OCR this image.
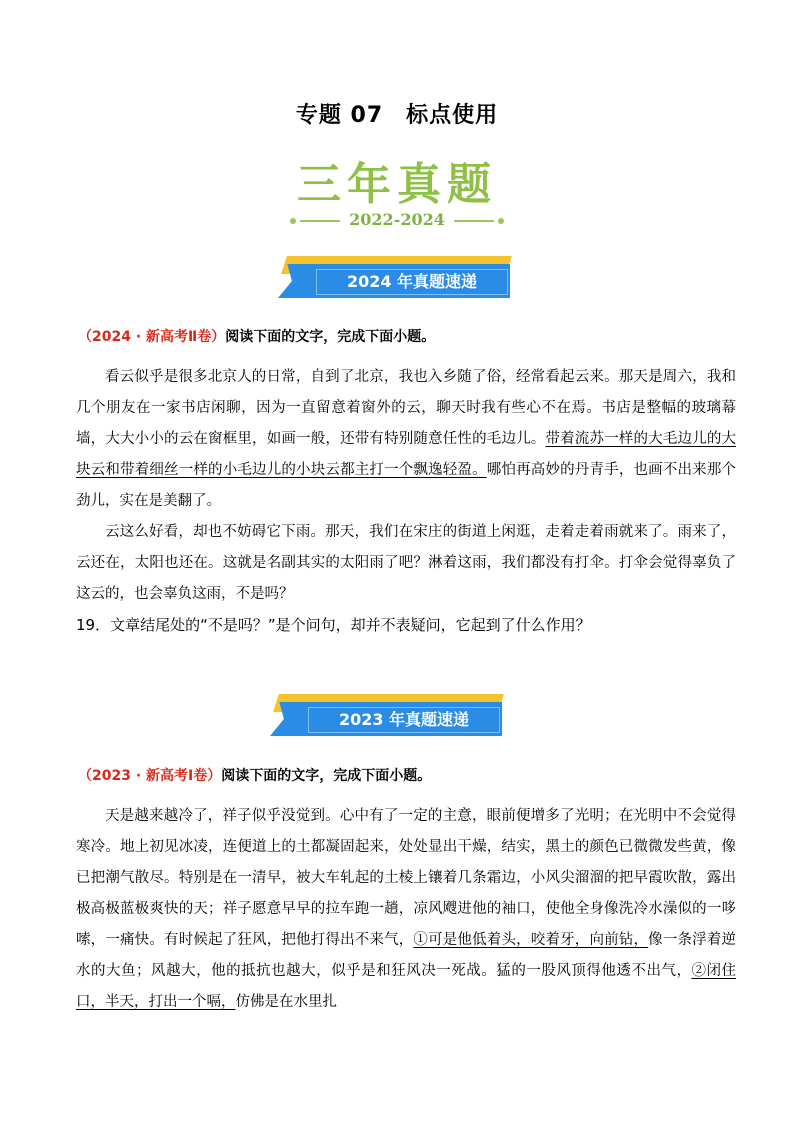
专题 07　标点使用
三年真题
2022-2024
2024 年真题速递
（2024 · 新高考Ⅱ卷）阅读下面的文字，完成下面小题。

看云似乎是很多北京人的日常，自到了北京，我也入乡随了俗，经常看起云来。那天是周六，我和几个朋友在一家书店闲聊，因为一直留意着窗外的云，聊天时我有些心不在焉。书店是整幅的玻璃幕墙，大大小小的云在窗框里，如画一般，还带有特别随意任性的毛边儿。带着流苏一样的大毛边儿的大块云和带着细丝一样的小毛边儿的小块云都主打一个飘逸轻盈。哪怕再高妙的丹青手，也画不出来那个劲儿，实在是美翻了。

云这么好看，却也不妨碍它下雨。那天，我们在宋庄的街道上闲逛，走着走着雨就来了。雨来了，云还在，太阳也还在。这就是名副其实的太阳雨了吧？淋着这雨，我们都没有打伞。打伞会觉得辜负了这云的，也会辜负这雨，不是吗？

19．文章结尾处的“不是吗？”是个问句，却并不表疑问，它起到了什么作用？
2023 年真题速递
（2023 · 新高考Ⅰ卷）阅读下面的文字，完成下面小题。

天是越来越冷了，祥子似乎没觉到。心中有了一定的主意，眼前便增多了光明；在光明中不会觉得寒冷。地上初见冰凌，连便道上的土都凝固起来，处处显出干燥，结实，黑土的颜色已微微发些黄，像已把潮气散尽。特别是在一清早，被大车轧起的土棱上镶着几条霜边，小风尖溜溜的把早霞吹散，露出极高极蓝极爽快的天；祥子愿意早早的拉车跑一趟，凉风飕进他的袖口，使他全身像洗冷水澡似的一哆嗦，一痛快。有时候起了狂风，把他打得出不来气，①可是他低着头，咬着牙，向前钻，像一条浮着逆水的大鱼；风越大，他的抵抗也越大，似乎是和狂风决一死战。猛的一股风顶得他透不出气，②闭住口，半天，打出一个嗝，仿佛是在水里扎
